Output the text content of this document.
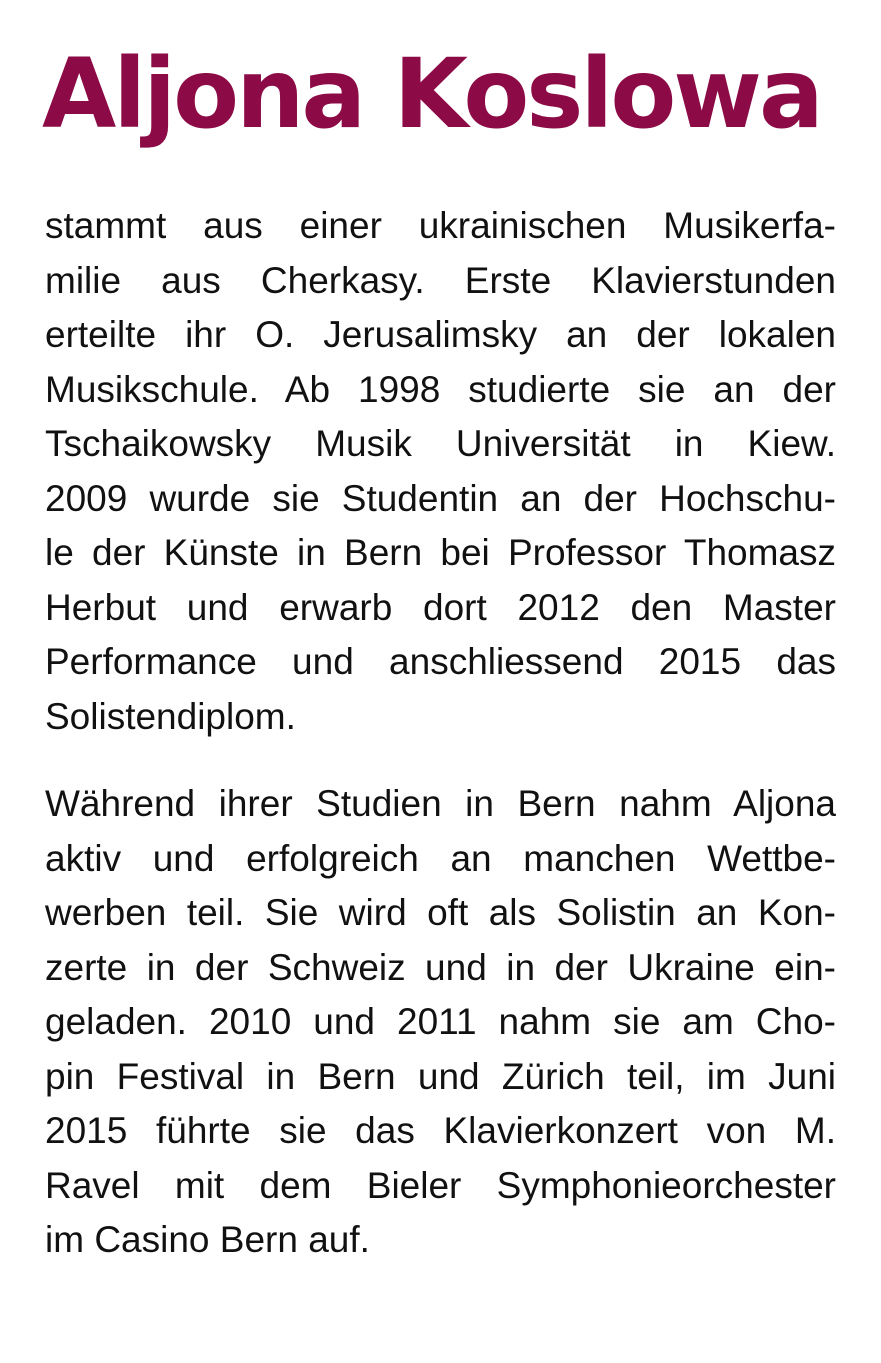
Aljona Koslowa

stammt aus einer ukrainischen Musikerfa-
milie aus Cherkasy. Erste Klavierstunden
erteilte ihr O. Jerusalimsky an der lokalen
Musikschule. Ab 1998 studierte sie an der
Tschaikowsky Musik Universität in Kiew.
2009 wurde sie Studentin an der Hochschu-
le der Künste in Bern bei Professor Thomasz
Herbut und erwarb dort 2012 den Master
Performance und anschliessend 2015 das
Solistendiplom.

Während ihrer Studien in Bern nahm Aljona
aktiv und erfolgreich an manchen Wettbe-
werben teil. Sie wird oft als Solistin an Kon-
zerte in der Schweiz und in der Ukraine ein-
geladen. 2010 und 2011 nahm sie am Cho-
pin Festival in Bern und Zürich teil, im Juni
2015 führte sie das Klavierkonzert von M.
Ravel mit dem Bieler Symphonieorchester
im Casino Bern auf.
